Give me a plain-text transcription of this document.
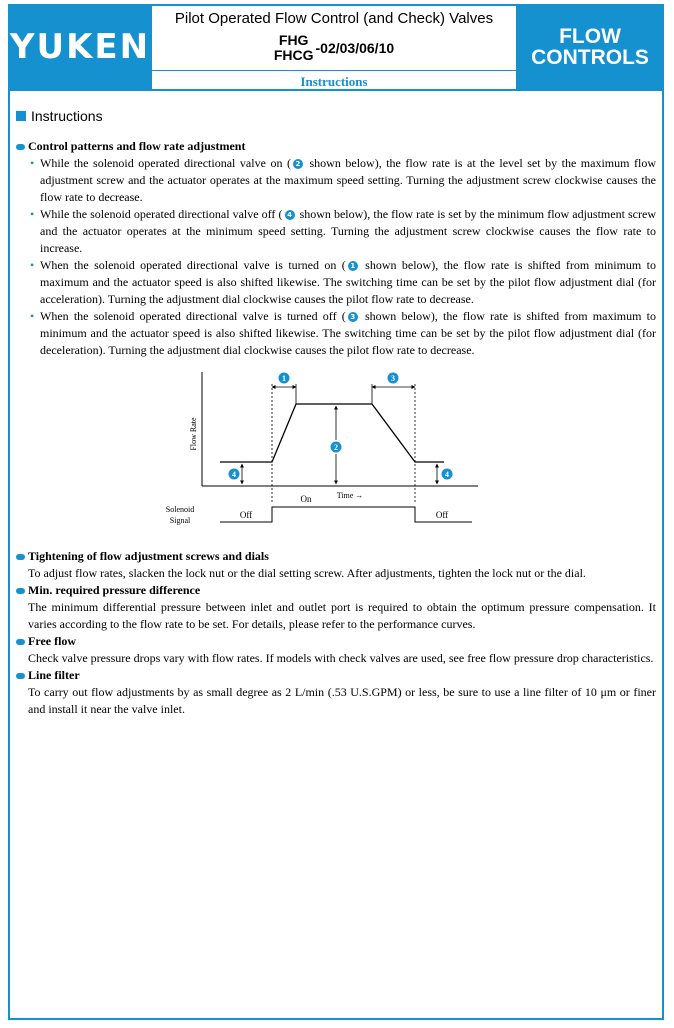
YUKEN
Pilot Operated Flow Control (and Check) Valves
FHG
FHCG -02/03/06/10
Instructions
FLOW
CONTROLS
Instructions
Control patterns and flow rate adjustment
• While the solenoid operated directional valve on ( 2 shown below), the flow rate is at the level set by the maximum flow adjustment screw and the actuator operates at the maximum speed setting. Turning the adjustment screw clockwise causes the flow rate to decrease.
• While the solenoid operated directional valve off ( 4 shown below), the flow rate is set by the minimum flow adjustment screw and the actuator operates at the minimum speed setting. Turning the adjustment screw clockwise causes the flow rate to increase.
• When the solenoid operated directional valve is turned on ( 1 shown below), the flow rate is shifted from minimum to maximum and the actuator speed is also shifted likewise. The switching time can be set by the pilot flow adjustment dial (for acceleration). Turning the adjustment dial clockwise causes the pilot flow rate to decrease.
• When the solenoid operated directional valve is turned off ( 3 shown below), the flow rate is shifted from maximum to minimum and the actuator speed is also shifted likewise. The switching time can be set by the pilot flow adjustment dial (for deceleration). Turning the adjustment dial clockwise causes the pilot flow rate to decrease.
1	3
2
4	4
Flow Rate
Time →
Solenoid
Signal
Off
On
Off
Tightening of flow adjustment screws and dials
To adjust flow rates, slacken the lock nut or the dial setting screw. After adjustments, tighten the lock nut or the dial.
Min. required pressure difference
The minimum differential pressure between inlet and outlet port is required to obtain the optimum pressure compensation. It varies according to the flow rate to be set. For details, please refer to the performance curves.
Free flow
Check valve pressure drops vary with flow rates. If models with check valves are used, see free flow pressure drop characteristics.
Line filter
To carry out flow adjustments by as small degree as 2 L/min (.53 U.S.GPM) or less, be sure to use a line filter of 10 μm or finer and install it near the valve inlet.
